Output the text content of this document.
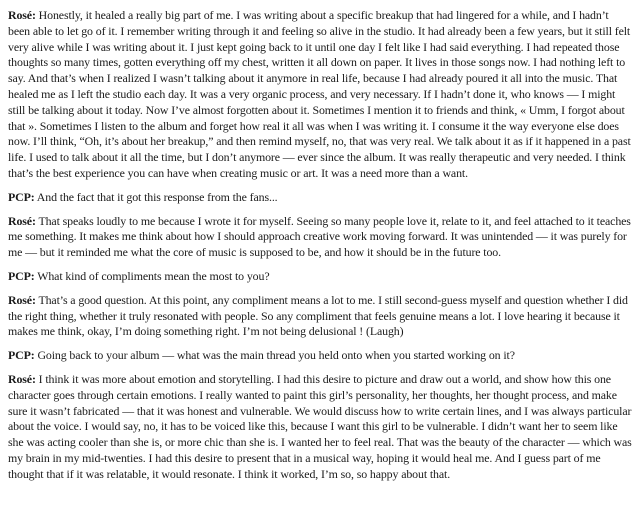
Rosé: Honestly, it healed a really big part of me. I was writing about a specific breakup that had lingered for a while, and I hadn’t been able to let go of it. I remember writing through it and feeling so alive in the studio. It had already been a few years, but it still felt very alive while I was writing about it. I just kept going back to it until one day I felt like I had said everything. I had repeated those thoughts so many times, gotten everything off my chest, written it all down on paper. It lives in those songs now. I had nothing left to say. And that’s when I realized I wasn’t talking about it anymore in real life, because I had already poured it all into the music. That healed me as I left the studio each day. It was a very organic process, and very necessary. If I hadn’t done it, who knows — I might still be talking about it today. Now I’ve almost forgotten about it. Sometimes I mention it to friends and think, « Umm, I forgot about that ». Sometimes I listen to the album and forget how real it all was when I was writing it. I consume it the way everyone else does now. I’ll think, “Oh, it’s about her breakup,” and then remind myself, no, that was very real. We talk about it as if it happened in a past life. I used to talk about it all the time, but I don’t anymore — ever since the album. It was really therapeutic and very needed. I think that’s the best experience you can have when creating music or art. It was a need more than a want.

PCP: And the fact that it got this response from the fans...

Rosé: That speaks loudly to me because I wrote it for myself. Seeing so many people love it, relate to it, and feel attached to it teaches me something. It makes me think about how I should approach creative work moving forward. It was unintended — it was purely for me — but it reminded me what the core of music is supposed to be, and how it should be in the future too.

PCP: What kind of compliments mean the most to you?

Rosé: That’s a good question. At this point, any compliment means a lot to me. I still second-guess myself and question whether I did the right thing, whether it truly resonated with people. So any compliment that feels genuine means a lot. I love hearing it because it makes me think, okay, I’m doing something right. I’m not being delusional ! (Laugh)

PCP: Going back to your album — what was the main thread you held onto when you started working on it?

Rosé: I think it was more about emotion and storytelling. I had this desire to picture and draw out a world, and show how this one character goes through certain emotions. I really wanted to paint this girl’s personality, her thoughts, her thought process, and make sure it wasn’t fabricated — that it was honest and vulnerable. We would discuss how to write certain lines, and I was always particular about the voice. I would say, no, it has to be voiced like this, because I want this girl to be vulnerable. I didn’t want her to seem like she was acting cooler than she is, or more chic than she is. I wanted her to feel real. That was the beauty of the character — which was my brain in my mid-twenties. I had this desire to present that in a musical way, hoping it would heal me. And I guess part of me thought that if it was relatable, it would resonate. I think it worked, I’m so, so happy about that.
